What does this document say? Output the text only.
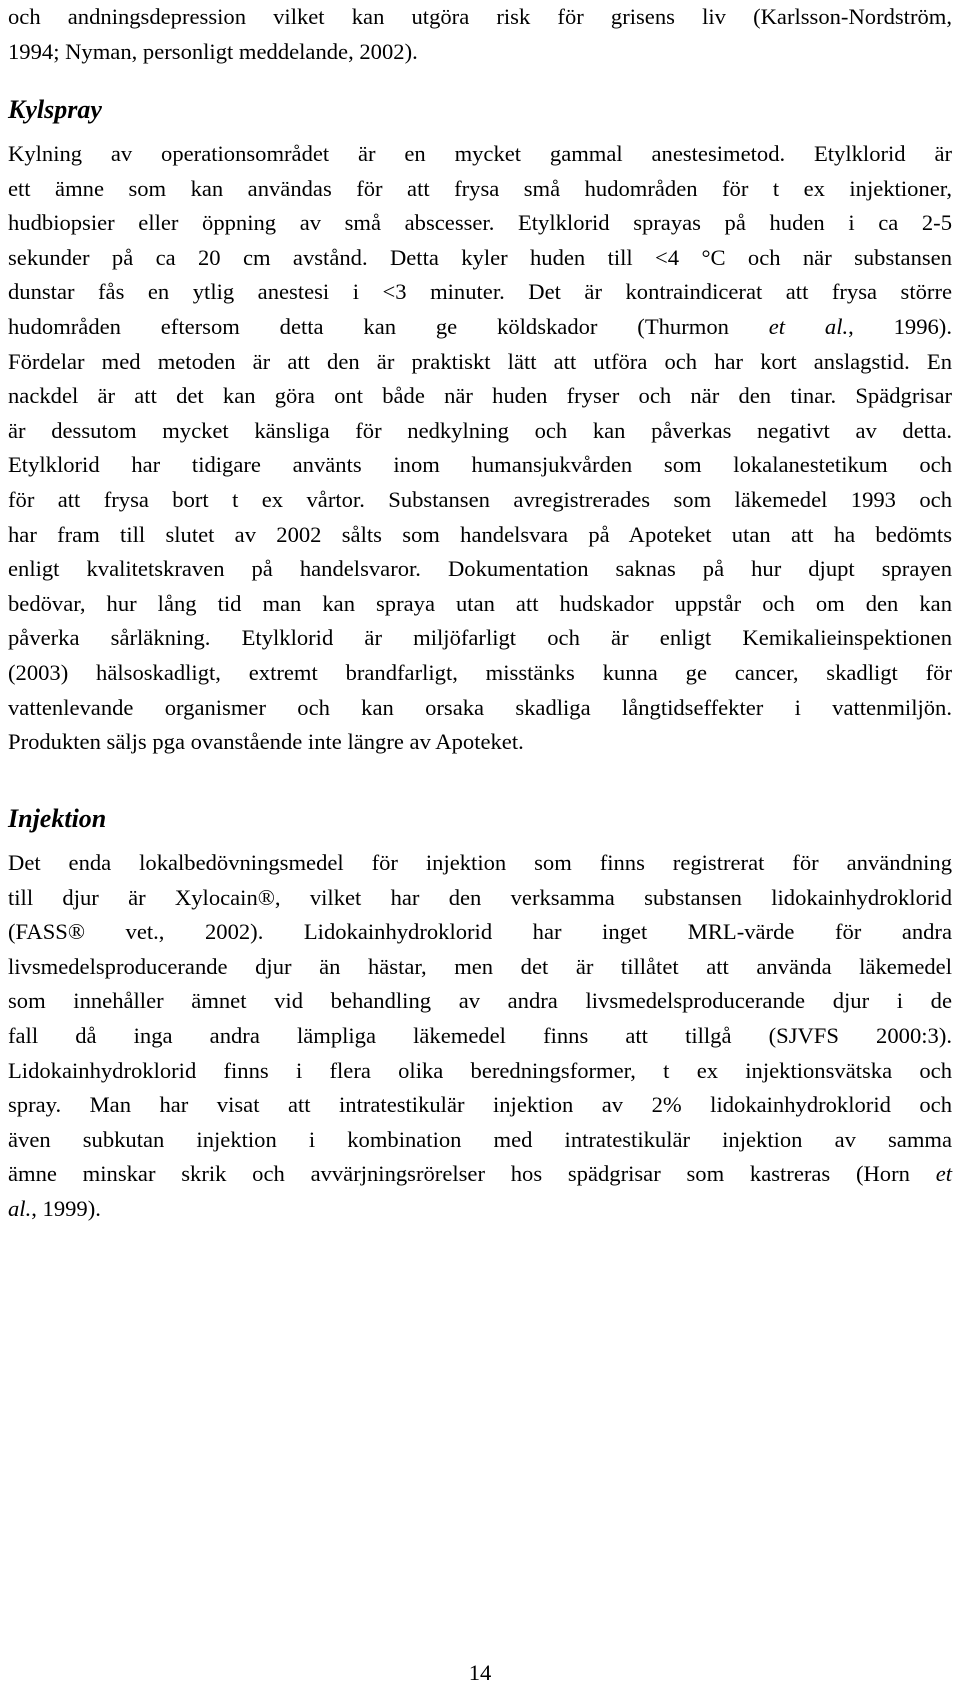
och andningsdepression vilket kan utgöra risk för grisens liv (Karlsson-Nordström,
1994; Nyman, personligt meddelande, 2002).
Kylspray
Kylning av operationsområdet är en mycket gammal anestesimetod. Etylklorid är
ett ämne som kan användas för att frysa små hudområden för t ex injektioner,
hudbiopsier eller öppning av små abscesser. Etylklorid sprayas på huden i ca 2-5
sekunder på ca 20 cm avstånd. Detta kyler huden till <4 °C och när substansen
dunstar fås en ytlig anestesi i <3 minuter. Det är kontraindicerat att frysa större
hudområden eftersom detta kan ge köldskador (Thurmon et al., 1996).
Fördelar med metoden är att den är praktiskt lätt att utföra och har kort anslagstid. En
nackdel är att det kan göra ont både när huden fryser och när den tinar. Spädgrisar
är dessutom mycket känsliga för nedkylning och kan påverkas negativt av detta.
Etylklorid har tidigare använts inom humansjukvården som lokalanestetikum och
för att frysa bort t ex vårtor. Substansen avregistrerades som läkemedel 1993 och
har fram till slutet av 2002 sålts som handelsvara på Apoteket utan att ha bedömts
enligt kvalitetskraven på handelsvaror. Dokumentation saknas på hur djupt sprayen
bedövar, hur lång tid man kan spraya utan att hudskador uppstår och om den kan
påverka sårläkning. Etylklorid är miljöfarligt och är enligt Kemikalieinspektionen
(2003) hälsoskadligt, extremt brandfarligt, misstänks kunna ge cancer, skadligt för
vattenlevande organismer och kan orsaka skadliga långtidseffekter i vattenmiljön.
Produkten säljs pga ovanstående inte längre av Apoteket.
Injektion
Det enda lokalbedövningsmedel för injektion som finns registrerat för användning
till djur är Xylocain®, vilket har den verksamma substansen lidokainhydroklorid
(FASS® vet., 2002). Lidokainhydroklorid har inget MRL-värde för andra
livsmedelsproducerande djur än hästar, men det är tillåtet att använda läkemedel
som innehåller ämnet vid behandling av andra livsmedelsproducerande djur i de
fall då inga andra lämpliga läkemedel finns att tillgå (SJVFS 2000:3).
Lidokainhydroklorid finns i flera olika beredningsformer, t ex injektionsvätska och
spray. Man har visat att intratestikulär injektion av 2% lidokainhydroklorid och
även subkutan injektion i kombination med intratestikulär injektion av samma
ämne minskar skrik och avvärjningsrörelser hos spädgrisar som kastreras (Horn et
al., 1999).
14
